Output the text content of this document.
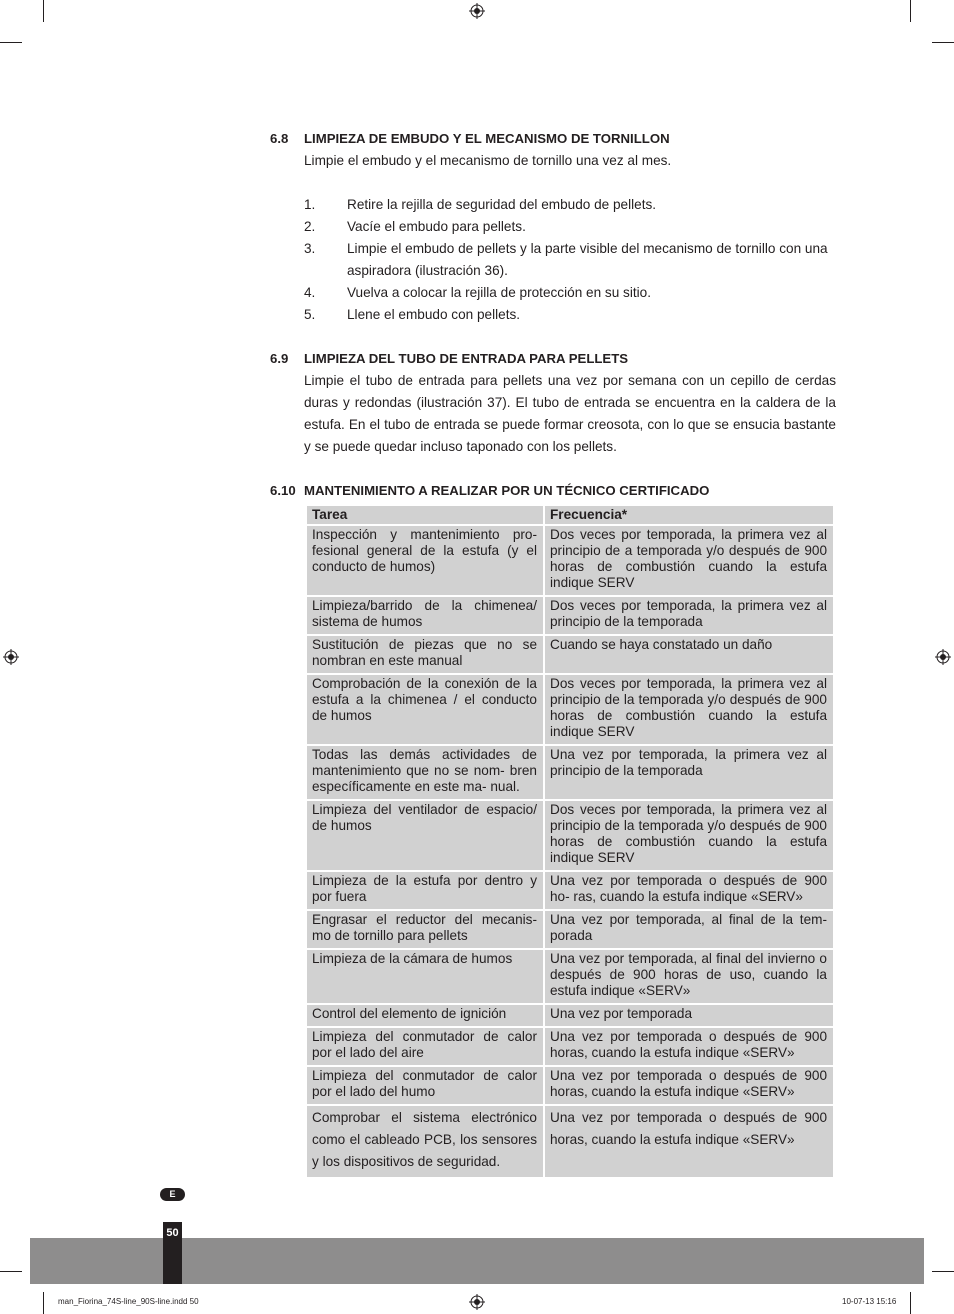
6.8	LIMPIEZA DE EMBUDO Y EL MECANISMO DE TORNILLON
Limpie el embudo y el mecanismo de tornillo una vez al mes.
1.	Retire la rejilla de seguridad del embudo de pellets.
2.	Vacíe el embudo para pellets.
3.	Limpie el embudo de pellets y la parte visible del mecanismo de tornillo con una aspiradora (ilustración 36).
4.	Vuelva a colocar la rejilla de protección en su sitio.
5.	Llene el embudo con pellets.
6.9	LIMPIEZA DEL TUBO DE ENTRADA PARA PELLETS
Limpie el tubo de entrada para pellets una vez por semana con un cepillo de cerdas duras y redondas (ilustración 37). El tubo de entrada se encuentra en la caldera de la estufa. En el tubo de entrada se puede formar creosota, con lo que se ensucia bastante y se puede quedar incluso taponado con los pellets.
6.10 MANTENIMIENTO A REALIZAR POR UN TÉCNICO CERTIFICADO
Tarea	Frecuencia*
Inspección y mantenimiento pro- fesional general de la estufa (y el conducto de humos)	Dos veces por temporada, la primera vez al principio de a temporada y/o después de 900 horas de combustión cuando la estufa indique SERV
Limpieza/barrido de la chimenea/ sistema de humos	Dos veces por temporada, la primera vez al principio de la temporada
Sustitución de piezas que no se nombran en este manual	Cuando se haya constatado un daño
Comprobación de la conexión de la estufa a la chimenea / el conducto de humos	Dos veces por temporada, la primera vez al principio de la temporada y/o después de 900 horas de combustión cuando la estufa indique SERV
Todas las demás actividades de mantenimiento que no se nom- bren específicamente en este ma- nual.	Una vez por temporada, la primera vez al principio de la temporada
Limpieza del ventilador de espacio/ de humos	Dos veces por temporada, la primera vez al principio de la temporada y/o después de 900 horas de combustión cuando la estufa indique SERV
Limpieza de la estufa por dentro y por fuera	Una vez por temporada o después de 900 ho- ras, cuando la estufa indique «SERV»
Engrasar el reductor del mecanis- mo de tornillo para pellets	Una vez por temporada, al final de la tem- porada
Limpieza de la cámara de humos	Una vez por temporada, al final del invierno o después de 900 horas de uso, cuando la estufa indique «SERV»
Control del elemento de ignición	Una vez por temporada
Limpieza del conmutador de calor por el lado del aire	Una vez por temporada o después de 900 horas, cuando la estufa indique «SERV»
Limpieza del conmutador de calor por el lado del humo	Una vez por temporada o después de 900 horas, cuando la estufa indique «SERV»
Comprobar el sistema electrónico como el cableado PCB, los sensores y los dispositivos de seguridad.	Una vez por temporada o después de 900 horas, cuando la estufa indique «SERV»
E
50
man_Fiorina_74S-line_90S-line.indd 50	10-07-13 15:16
